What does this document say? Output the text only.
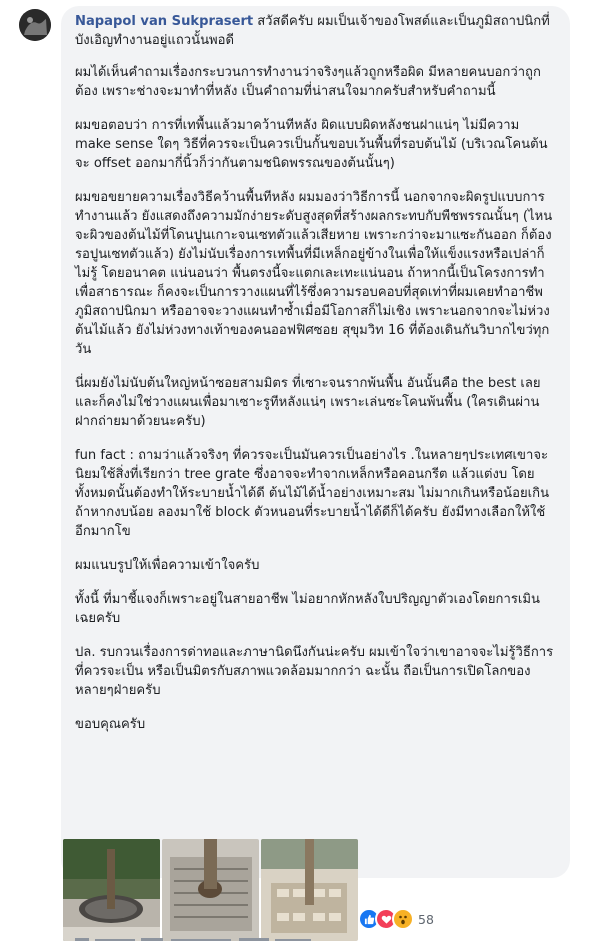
Napapol van Sukprasert สวัสดีครับ ผมเป็นเจ้าของโพสต์และเป็นภูมิสถาปนิกที่บังเอิญทำงานอยู่แถวนั้นพอดี

ผมได้เห็นคำถามเรื่องกระบวนการทำงานว่าจริงๆแล้วถูกหรือผิด มีหลายคนบอกว่าถูกต้อง เพราะช่างจะมาทำที่หลัง เป็นคำถามที่น่าสนใจมากครับสำหรับคำถามนี้

ผมขอตอบว่า การที่เทพื้นแล้วมาคว้านทีหลัง ผิดแบบผิดหลังชนฝาแน่ๆ ไม่มีความ make sense ใดๆ วิธีที่ควรจะเป็นควรเป็นกั้นขอบเว้นพื้นที่รอบต้นไม้ (บริเวณโคนต้น จะ offset ออกมากี่นิ้วก็ว่ากันตามชนิดพรรณของต้นนั้นๆ)

ผมขอขยายความเรื่องวิธีคว้านพื้นทีหลัง ผมมองว่าวิธีการนี้ นอกจากจะผิดรูปแบบการทำงานแล้ว ยังแสดงถึงความมักง่ายระดับสูงสุดที่สร้างผลกระทบกับพืชพรรณนั้นๆ (ไหนจะผิวของต้นไม้ที่โดนปูนเกาะจนเซทตัวแล้วเสียหาย เพราะกว่าจะมาแซะกันออก ก็ต้องรอปูนเซทตัวแล้ว) ยังไม่นับเรื่องการเทพื้นที่มีเหล็กอยู่ข้างในเพื่อให้แข็งแรงหรือเปล่าก็ไม่รู้ โดยอนาคต แน่นอนว่า พื้นตรงนี้จะแตกเละเทะแน่นอน ถ้าหากนี้เป็นโครงการทำเพื่อสาธารณะ ก็คงจะเป็นการวางแผนที่ไร้ซึ่งความรอบคอบที่สุดเท่าที่ผมเคยทำอาชีพภูมิสถาปนิกมา หรืออาจจะวางแผนทำซ้ำเมื่อมีโอกาสก็ไม่เชิง เพราะนอกจากจะไม่ห่วงต้นไม้แล้ว ยังไม่ห่วงทางเท้าของคนออฟฟิศซอย สุขุมวิท 16 ที่ต้องเดินกันวิบากไขว่ทุกวัน

นี่ผมยังไม่นับต้นใหญ่หน้าซอยสามมิตร ที่เซาะจนรากพ้นพื้น อันนั้นคือ the best เลย และก็คงไม่ใช่วางแผนเพื่อมาเซาะรูทีหลังแน่ๆ เพราะเล่นซะโคนพ้นพื้น (ใครเดินผ่าน ฝากถ่ายมาด้วยนะครับ)

fun fact : ถามว่าแล้วจริงๆ ที่ควรจะเป็นมันควรเป็นอย่างไร .ในหลายๆประเทศเขาจะนิยมใช้สิ่งที่เรียกว่า tree grate ซึ่งอาจจะทำจากเหล็กหรือคอนกรีต แล้วแต่งบ โดยทั้งหมดนั้นต้องทำให้ระบายน้ำได้ดี ต้นไม้ได้น้ำอย่างเหมาะสม ไม่มากเกินหรือน้อยเกิน ถ้าหากงบน้อย ลองมาใช้ block ตัวหนอนที่ระบายน้ำได้ดีก็ได้ครับ ยังมีทางเลือกให้ใช้อีกมากโข

ผมแนบรูปให้เพื่อความเข้าใจครับ

ทั้งนี้ ที่มาชี้แจงก็เพราะอยู่ในสายอาชีพ ไม่อยากหักหลังใบปริญญาตัวเองโดยการเมินเฉยครับ

ปล. รบกวนเรื่องการด่าทอและภาษานิดนึงกันน่ะครับ ผมเข้าใจว่าเขาอาจจะไม่รู้วิธีการที่ควรจะเป็น หรือเป็นมิตรกับสภาพแวดล้อมมากกว่า ฉะนั้น ถือเป็นการเปิดโลกของหลายๆฝ่ายครับ

ขอบคุณครับ

58
